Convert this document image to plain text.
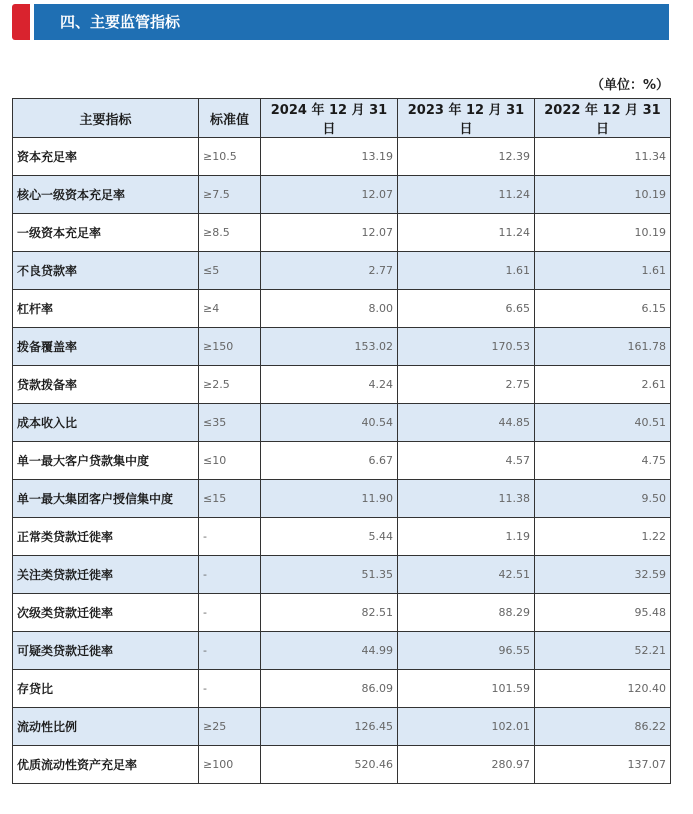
四、主要监管指标
（单位：%）
主要指标	标准值	2024 年 12 月 31 日	2023 年 12 月 31 日	2022 年 12 月 31 日
资本充足率	≥10.5	13.19	12.39	11.34
核心一级资本充足率	≥7.5	12.07	11.24	10.19
一级资本充足率	≥8.5	12.07	11.24	10.19
不良贷款率	≤5	2.77	1.61	1.61
杠杆率	≥4	8.00	6.65	6.15
拨备覆盖率	≥150	153.02	170.53	161.78
贷款拨备率	≥2.5	4.24	2.75	2.61
成本收入比	≤35	40.54	44.85	40.51
单一最大客户贷款集中度	≤10	6.67	4.57	4.75
单一最大集团客户授信集中度	≤15	11.90	11.38	9.50
正常类贷款迁徙率	-	5.44	1.19	1.22
关注类贷款迁徙率	-	51.35	42.51	32.59
次级类贷款迁徙率	-	82.51	88.29	95.48
可疑类贷款迁徙率	-	44.99	96.55	52.21
存贷比	-	86.09	101.59	120.40
流动性比例	≥25	126.45	102.01	86.22
优质流动性资产充足率	≥100	520.46	280.97	137.07
